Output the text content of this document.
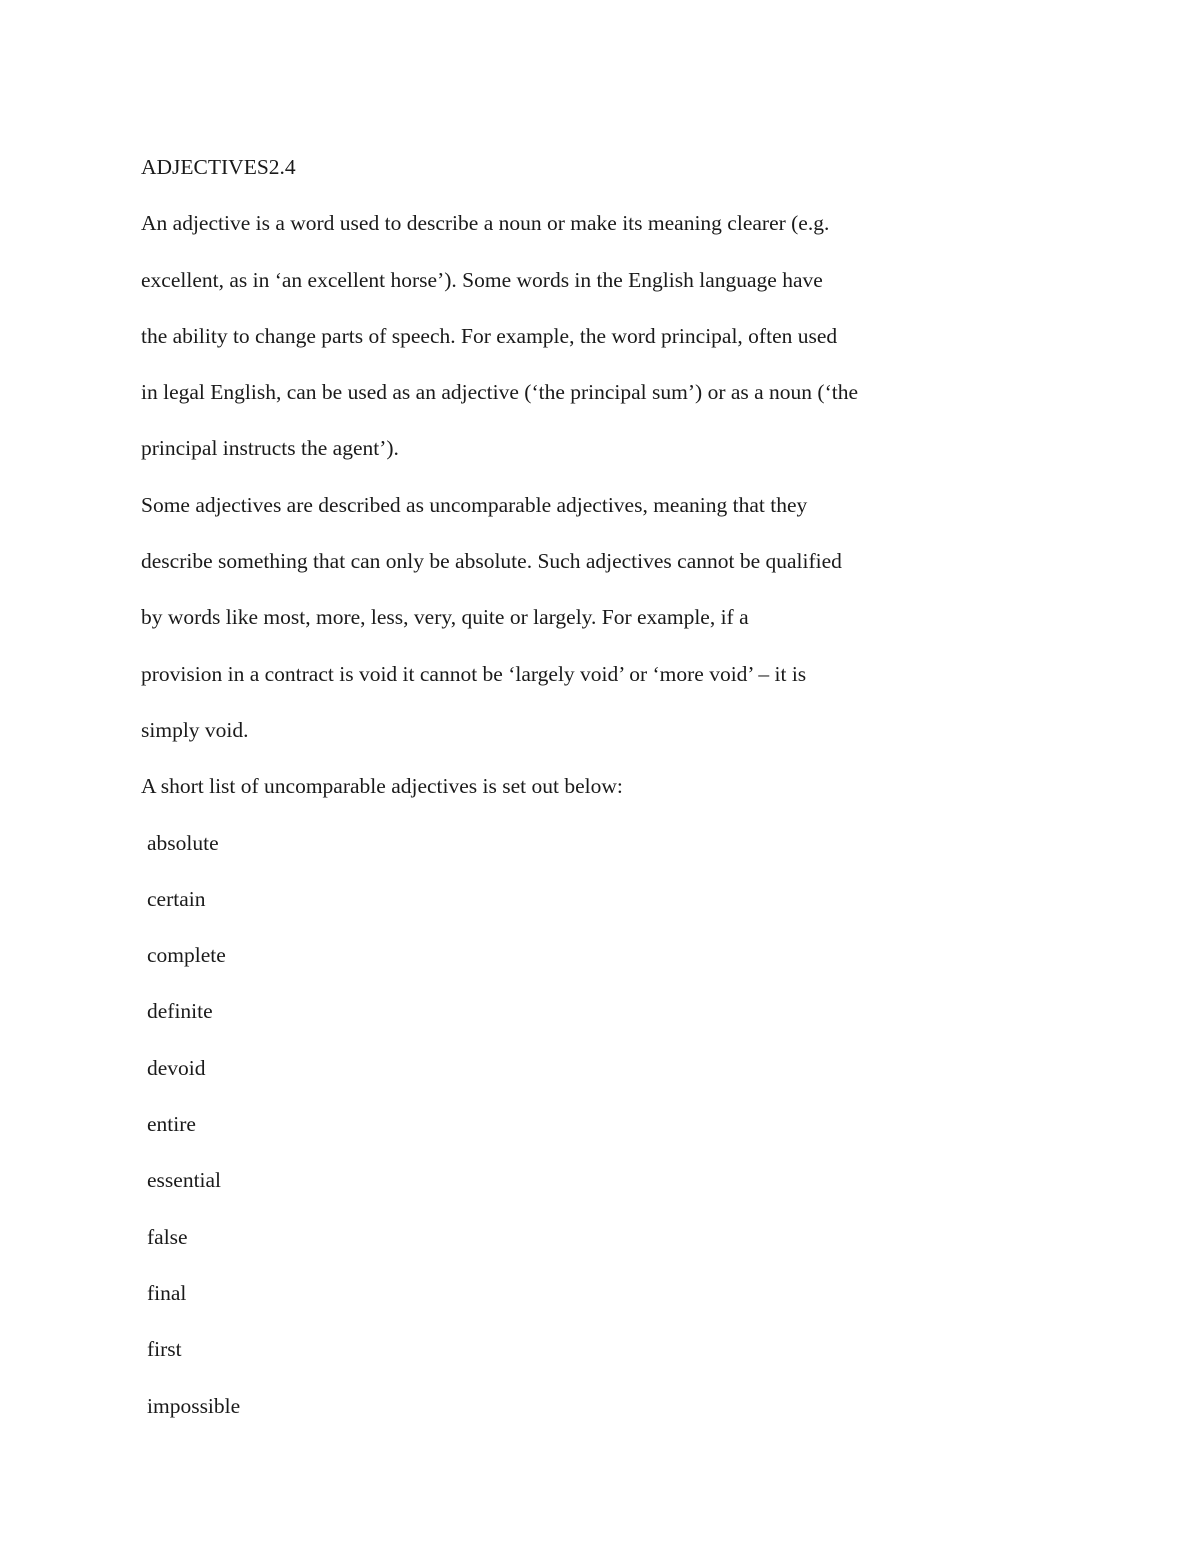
ADJECTIVES2.4
An adjective is a word used to describe a noun or make its meaning clearer (e.g.
excellent, as in ‘an excellent horse’). Some words in the English language have
the ability to change parts of speech. For example, the word principal, often used
in legal English, can be used as an adjective (‘the principal sum’) or as a noun (‘the
principal instructs the agent’).
Some adjectives are described as uncomparable adjectives, meaning that they
describe something that can only be absolute. Such adjectives cannot be qualified
by words like most, more, less, very, quite or largely. For example, if a
provision in a contract is void it cannot be ‘largely void’ or ‘more void’ – it is
simply void.
A short list of uncomparable adjectives is set out below:
absolute
certain
complete
definite
devoid
entire
essential
false
final
first
impossible
